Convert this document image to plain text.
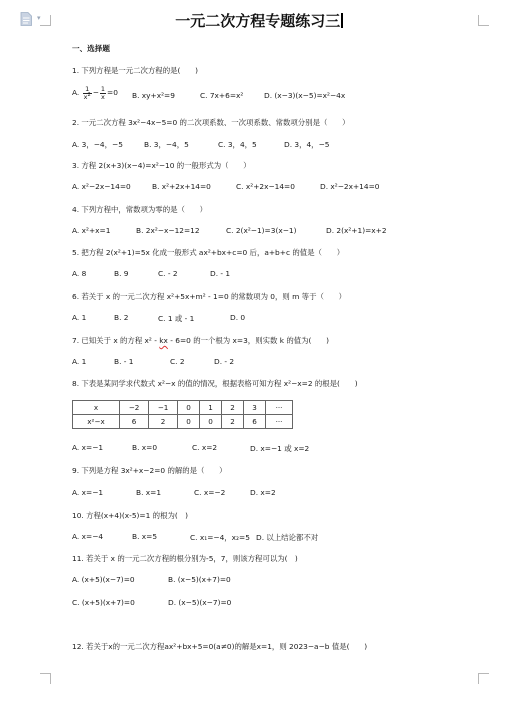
▾	一元二次方程专题练习三
一、选择题
1. 下列方程是一元二次方程的是(　　)
A. $\frac{1}{x^2} - \frac{1}{x} =0$ B. xy+x²=9	C. 7x+6=x²	D. (x−3)(x−5)=x²−4x
2. 一元二次方程 3x²−4x−5=0 的二次项系数、一次项系数、常数项分别是（　　）
A. 3，−4，−5	B. 3，−4，5	C. 3，4，5	D. 3，4，−5
3. 方程 2(x+3)(x−4)=x²−10 的一般形式为（　　）
A. x²−2x−14=0	B. x²+2x+14=0	C. x²+2x−14=0	D. x²−2x+14=0
4. 下列方程中，常数项为零的是（　　）
A. x²+x=1	B. 2x²−x−12=12	C. 2(x²−1)=3(x−1)	D. 2(x²+1)=x+2
5. 把方程 2(x²+1)=5x 化成一般形式 ax²+bx+c=0 后，a+b+c 的值是（　　）
A. 8	B. 9	C. - 2	D. - 1
6. 若关于 x 的一元二次方程 x²+5x+m² - 1=0 的常数项为 0，则 m 等于（　　）
A. 1	B. 2	C. 1 或 - 1	D. 0
7. 已知关于 x 的方程 x² - kx - 6=0 的一个根为 x=3，则实数 k 的值为(　　)
A. 1	B. - 1	C. 2	D. - 2
8. 下表是某同学求代数式 x²−x 的值的情况，根据表格可知方程 x²−x=2 的根是(　　)
x	−2	−1	0	1	2	3	···
x²−x	6	2	0	0	2	6	···
A. x=−1	B. x=0	C. x=2	D. x=−1 或 x=2
9. 下列是方程 3x²+x−2=0 的解的是（　　）
A. x=−1	B. x=1	C. x=−2	D. x=2
10. 方程(x+4)(x-5)=1 的根为(　)
A. x=−4	B. x=5	C. x₁=−4，x₂=5 D. 以上结论都不对
11. 若关于 x 的一元二次方程的根分别为-5，7，则该方程可以为(　)
A. (x+5)(x−7)=0	B. (x−5)(x+7)=0
C. (x+5)(x+7)=0	D. (x−5)(x−7)=0
12. 若关于x的一元二次方程ax²+bx+5=0(a≠0)的解是x=1，则 2023−a−b 值是(　　)
